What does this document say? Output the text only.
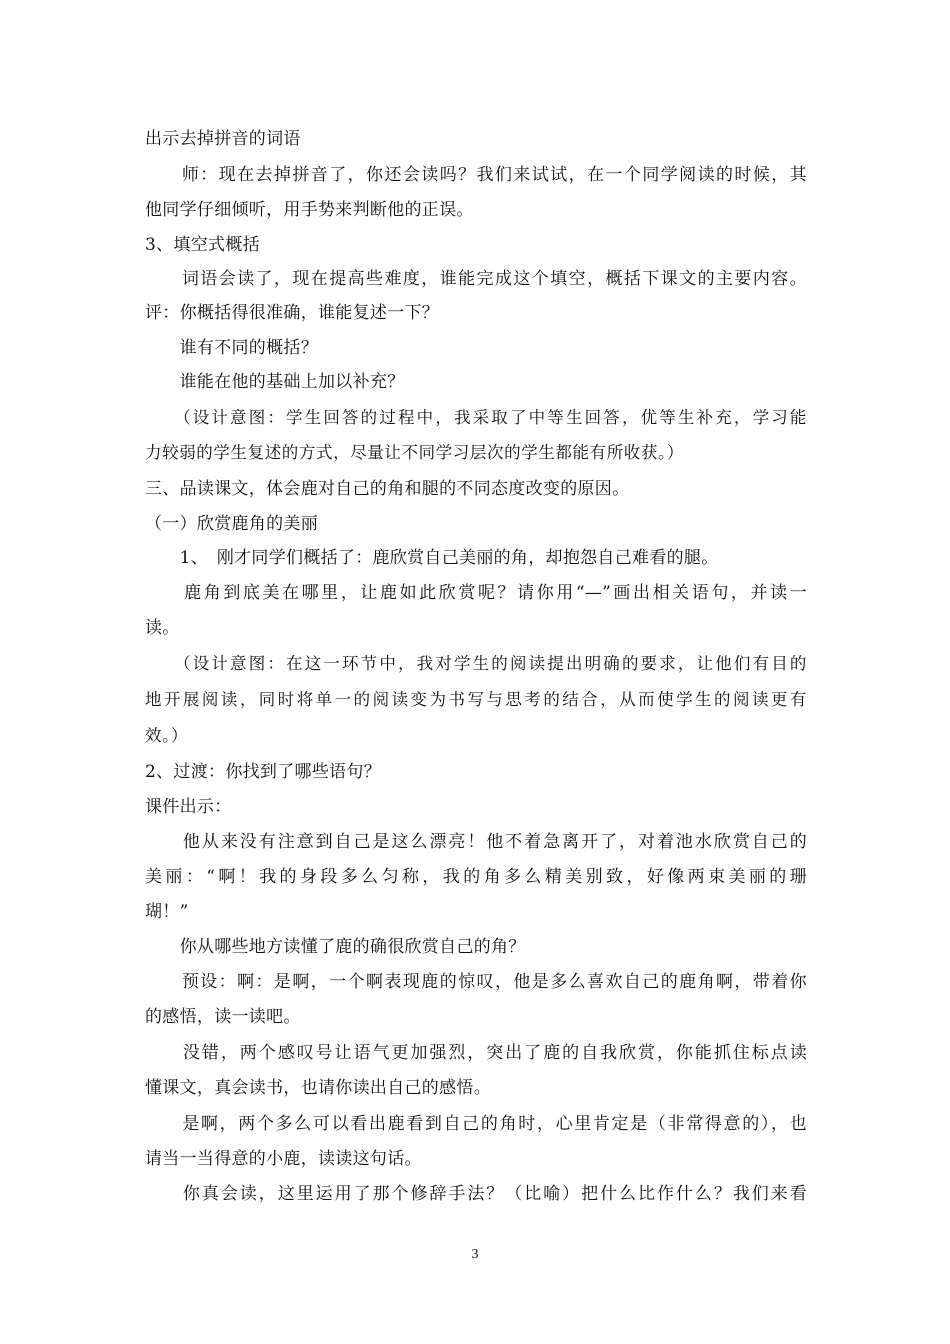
出示去掉拼音的词语
　　师：现在去掉拼音了，你还会读吗？我们来试试，在一个同学阅读的时候，其
他同学仔细倾听，用手势来判断他的正误。
3、填空式概括
　　词语会读了，现在提高些难度，谁能完成这个填空，概括下课文的主要内容。
评：你概括得很准确，谁能复述一下？
　　谁有不同的概括？
　　谁能在他的基础上加以补充？
　　（设计意图：学生回答的过程中，我采取了中等生回答，优等生补充，学习能
力较弱的学生复述的方式，尽量让不同学习层次的学生都能有所收获。）
三、品读课文，体会鹿对自己的角和腿的不同态度改变的原因。
（一）欣赏鹿角的美丽
　　1、　刚才同学们概括了：鹿欣赏自己美丽的角，却抱怨自己难看的腿。
　　鹿角到底美在哪里，让鹿如此欣赏呢？请你用“—”画出相关语句，并读一
读。
　　（设计意图：在这一环节中，我对学生的阅读提出明确的要求，让他们有目的
地开展阅读，同时将单一的阅读变为书写与思考的结合，从而使学生的阅读更有
效。）
2、过渡：你找到了哪些语句？
课件出示：
　　他从来没有注意到自己是这么漂亮！他不着急离开了，对着池水欣赏自己的
美丽：“啊！我的身段多么匀称，我的角多么精美别致，好像两束美丽的珊
瑚！”
　　你从哪些地方读懂了鹿的确很欣赏自己的角？
　　预设：啊：是啊，一个啊表现鹿的惊叹，他是多么喜欢自己的鹿角啊，带着你
的感悟，读一读吧。
　　没错，两个感叹号让语气更加强烈，突出了鹿的自我欣赏，你能抓住标点读
懂课文，真会读书，也请你读出自己的感悟。
　　是啊，两个多么可以看出鹿看到自己的角时，心里肯定是（非常得意的），也
请当一当得意的小鹿，读读这句话。
　　你真会读，这里运用了那个修辞手法？（比喻）把什么比作什么？我们来看
3
